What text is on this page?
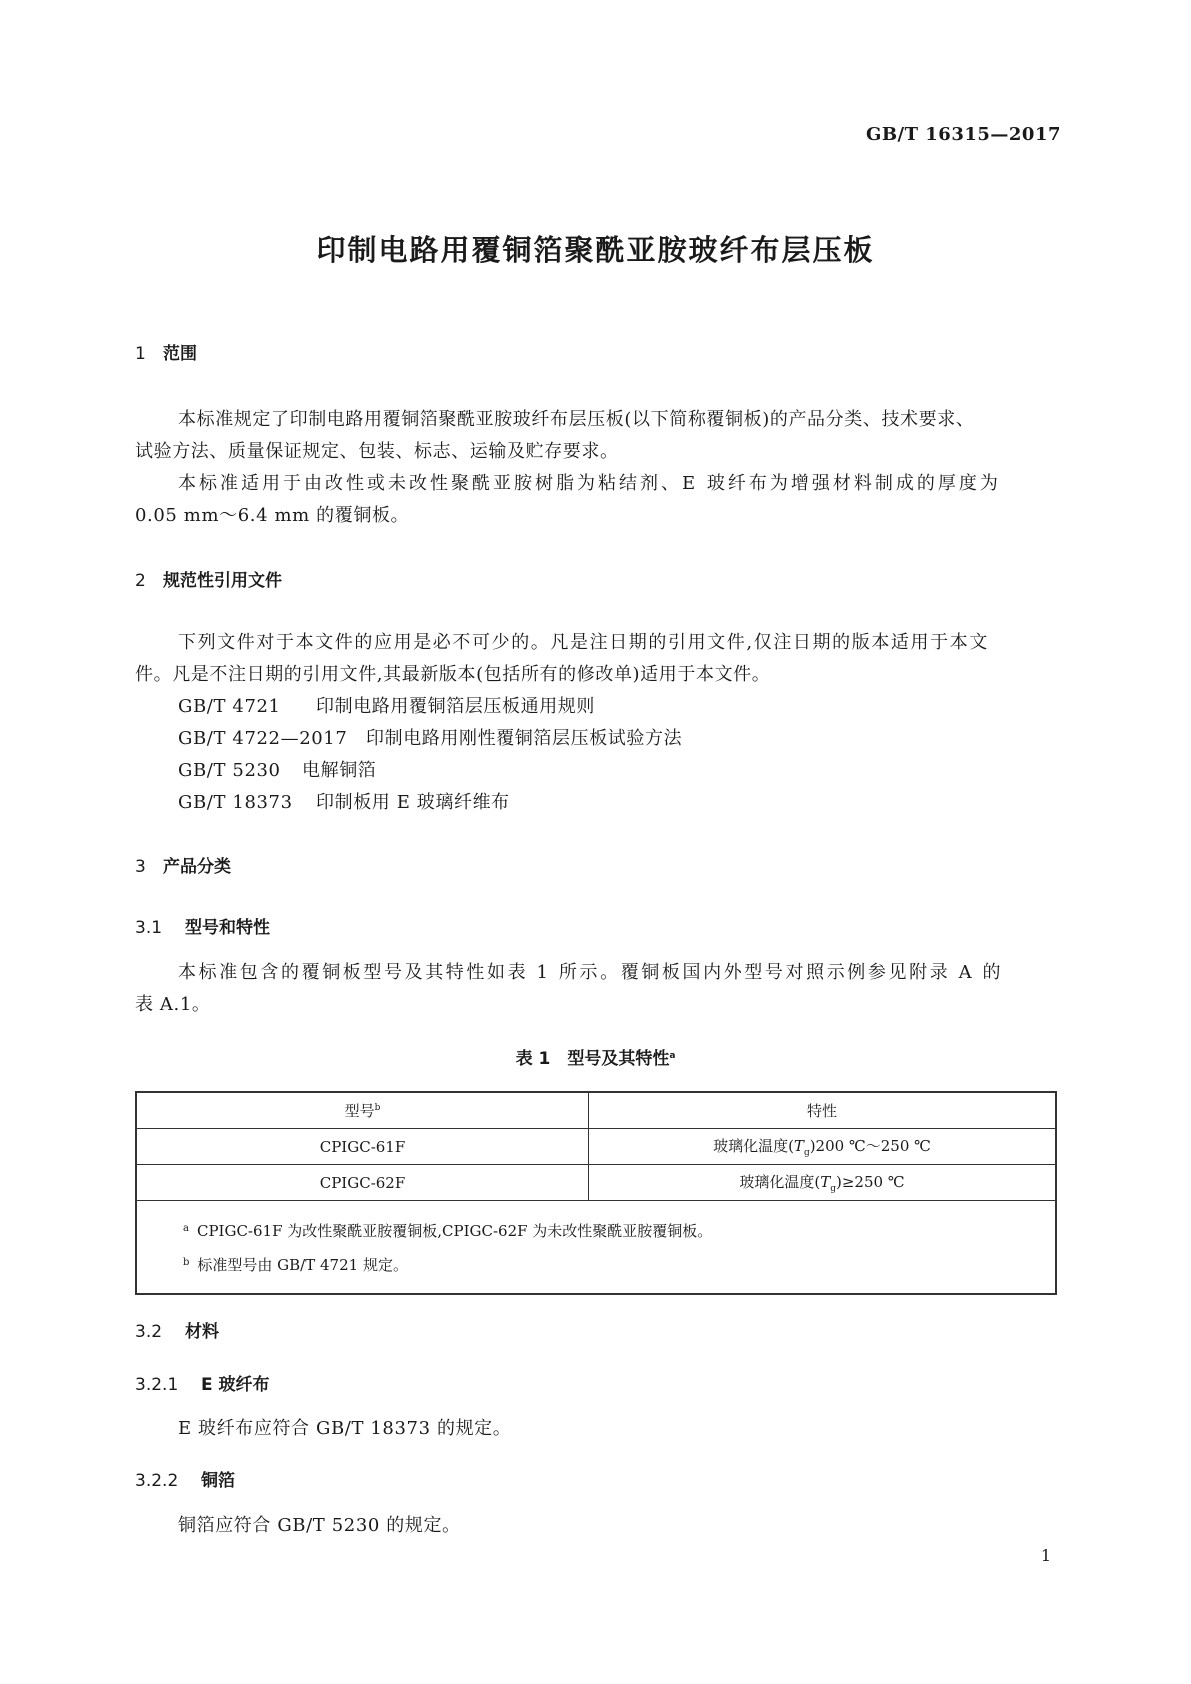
GB/T 16315—2017
印制电路用覆铜箔聚酰亚胺玻纤布层压板
1 范围
本标准规定了印制电路用覆铜箔聚酰亚胺玻纤布层压板(以下简称覆铜板)的产品分类、技术要求、
试验方法、质量保证规定、包装、标志、运输及贮存要求。
本标准适用于由改性或未改性聚酰亚胺树脂为粘结剂、E 玻纤布为增强材料制成的厚度为
0.05 mm～6.4 mm 的覆铜板。
2 规范性引用文件
下列文件对于本文件的应用是必不可少的。凡是注日期的引用文件,仅注日期的版本适用于本文
件。凡是不注日期的引用文件,其最新版本(包括所有的修改单)适用于本文件。
GB/T 4721 印制电路用覆铜箔层压板通用规则
GB/T 4722—2017 印制电路用刚性覆铜箔层压板试验方法
GB/T 5230 电解铜箔
GB/T 18373 印制板用 E 玻璃纤维布
3 产品分类
3.1 型号和特性
本标准包含的覆铜板型号及其特性如表 1 所示。覆铜板国内外型号对照示例参见附录 A 的
表 A.1。
表 1　型号及其特性$^a$
型号$^b$	特性
CPIGC-61F	玻璃化温度$(T_g)200$ ℃～250 ℃
CPIGC-62F	玻璃化温度$(T_g)\ge 250$ ℃

$^a$ CPIGC-61F 为改性聚酰亚胺覆铜板,CPIGC-62F 为未改性聚酰亚胺覆铜板。
$^b$ 标准型号由 GB/T 4721 规定。	
3.2 材料
3.2.1 E 玻纤布
E 玻纤布应符合 GB/T 18373 的规定。
3.2.2 铜箔
铜箔应符合 GB/T 5230 的规定。
1
